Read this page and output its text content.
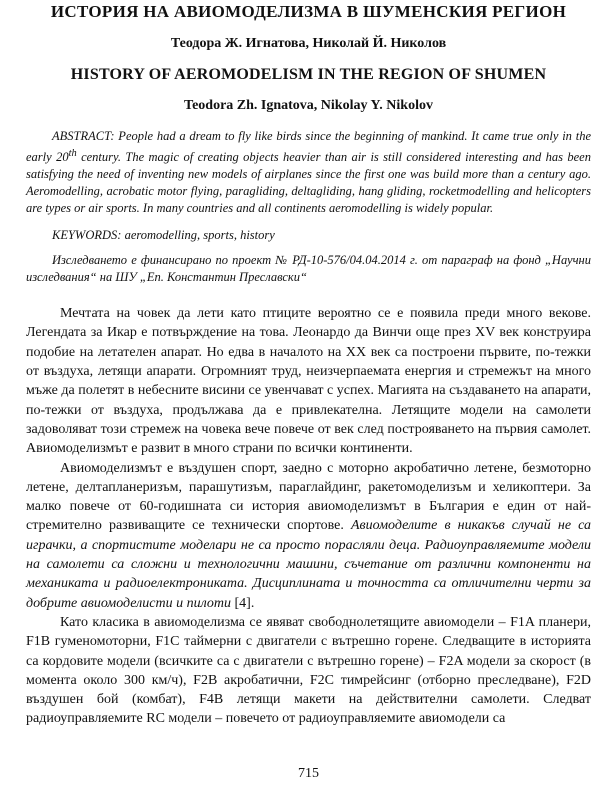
ИСТОРИЯ НА АВИОМОДЕЛИЗМА В ШУМЕНСКИЯ РЕГИОН
Теодора Ж. Игнатова, Николай Й. Николов
HISTORY OF AEROMODELISM IN THE REGION OF SHUMEN
Teodora Zh. Ignatova, Nikolay Y. Nikolov

ABSTRACT: People had a dream to fly like birds since the beginning of mankind. It came true only in the early 20th century. The magic of creating objects heavier than air is still considered interesting and has been satisfying the need of inventing new models of airplanes since the first one was build more than a century ago. Aeromodelling, acrobatic motor flying, paragliding, deltagliding, hang gliding, rocketmodelling and helicopters are types or air sports. In many countries and all continents aeromodelling is widely popular.

KEYWORDS: aeromodelling, sports, history

Изследването е финансирано по проект № РД-10-576/04.04.2014 г. от параграф на фонд „Научни изследвания“ на ШУ „Еп. Константин Преславски“

Мечтата на човек да лети като птиците вероятно се е появила преди много векове. Легендата за Икар е потвърждение на това. Леонардо да Винчи още през XV век конструира подобие на летателен апарат. Но едва в началото на XX век са построени първите, по-тежки от въздуха, летящи апарати. Огромният труд, неизчерпаемата енергия и стремежът на много мъже да полетят в небесните висини се увенчават с успех. Магията на създаването на апарати, по-тежки от въздуха, продължава да е привлекателна. Летящите модели на самолети задоволяват този стремеж на човека вече повече от век след построяването на първия самолет. Авиомоделизмът е развит в много страни по всички континенти.

Авиомоделизмът е въздушен спорт, заедно с моторно акробатично летене, безмоторно летене, делтапланеризъм, парашутизъм, параглайдинг, ракетомоделизъм и хеликоптери. За малко повече от 60-годишната си история авиомоделизмът в България е един от най-стремително развиващите се технически спортове. Авиомоделите в никакъв случай не са играчки, а спортистите моделари не са просто порасляли деца. Радиоуправляемите модели на самолети са сложни и технологични машини, съчетание от различни компоненти на механиката и радиоелектрониката. Дисциплината и точността са отличителни черти за добрите авиомоделисти и пилоти [4].

Като класика в авиомоделизма се явяват свободнолетящите авиомодели – F1A планери, F1B гуменомоторни, F1C таймерни с двигатели с вътрешно горене. Следващите в историята са кордовите модели (всичките са с двигатели с вътрешно горене) – F2A модели за скорост (в момента около 300 км/ч), F2B акробатични, F2C тимрейсинг (отборно преследване), F2D въздушен бой (комбат), F4B летящи макети на действителни самолети. Следват радиоуправляемите RC модели – повечето от радиоуправляемите авиомодели са

715
